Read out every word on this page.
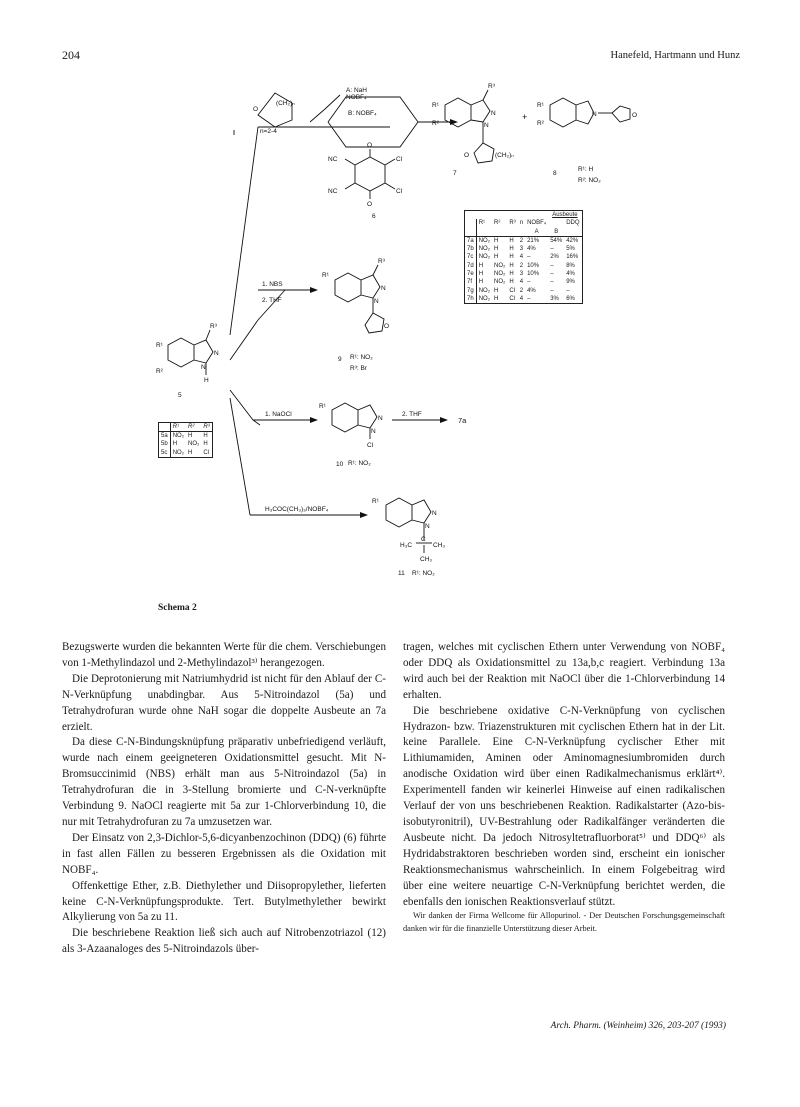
204	Hanefeld, Hartmann und Hunz
(CH₂)ₙ
O
n=2-4
A: NaH
NOBF₄
B: NOBF₄
O
O
NC
NC
Cl
Cl
6
R¹
R²
R³
N
N
(CH₂)ₙ
O
7
+
R¹
R²
N	O
8
R¹: H
R²: NO₂
1. NBS
2. THF
R¹
R³
N
N
O
9 R¹: NO₂
R³: Br
R¹
R²
R³
N
N
H
5
1. NaOCl
R¹
N
N
Cl
10 R¹: NO₂
2. THF
7a
H₃COC(CH₃)₃/NOBF₄
R¹
N
N
H₃C
C
CH₃
CH₃
11 R¹: NO₂
						Ausbeute	
	R¹	R²	R³	n	NOBF₄		DDQ
					A	B	
7a	NO₂	H	H	2	21%	54%	42%
7b	NO₂	H	H	3	4%	–	5%
7c	NO₂	H	H	4	–	2%	16%
7d	H	NO₂	H	2	10%	–	8%
7e	H	NO₂	H	3	10%	–	4%
7f	H	NO₂	H	4	–	–	9%
7g	NO₂	H	Cl	2	4%	–	–
7h	NO₂	H	Cl	4	–	3%	6%
	R¹	R²	R³
5a	NO₂	H	H
5b	H	NO₂	H
5c	NO₂	H	Cl
Schema 2

Bezugswerte wurden die bekannten Werte für die chem. Verschiebungen von 1-Methylindazol und 2-Methylindazol³⁾ herangezogen.

Die Deprotonierung mit Natriumhydrid ist nicht für den Ablauf der C-N-Verknüpfung unabdingbar. Aus 5-Nitroindazol (5a) und Tetrahydrofuran wurde ohne NaH sogar die doppelte Ausbeute an 7a erzielt.

Da diese C-N-Bindungsknüpfung präparativ unbefriedigend verläuft, wurde nach einem geeigneteren Oxidationsmittel gesucht. Mit N-Bromsuccinimid (NBS) erhält man aus 5-Nitroindazol (5a) in Tetrahydrofuran die in 3-Stellung bromierte und C-N-verknüpfte Verbindung 9. NaOCl reagierte mit 5a zur 1-Chlorverbindung 10, die nur mit Tetrahydrofuran zu 7a umzusetzen war.

Der Einsatz von 2,3-Dichlor-5,6-dicyanbenzochinon (DDQ) (6) führte in fast allen Fällen zu besseren Ergebnissen als die Oxidation mit NOBF₄.

Offenkettige Ether, z.B. Diethylether und Diisopropylether, lieferten keine C-N-Verknüpfungsprodukte. Tert. Butylmethylether bewirkt Alkylierung von 5a zu 11.

Die beschriebene Reaktion ließ sich auch auf Nitrobenzotriazol (12) als 3-Azaanaloges des 5-Nitroindazols über-

tragen, welches mit cyclischen Ethern unter Verwendung von NOBF₄ oder DDQ als Oxidationsmittel zu 13a,b,c reagiert. Verbindung 13a wird auch bei der Reaktion mit NaOCl über die 1-Chlorverbindung 14 erhalten.

Die beschriebene oxidative C-N-Verknüpfung von cyclischen Hydrazon- bzw. Triazenstrukturen mit cyclischen Ethern hat in der Lit. keine Parallele. Eine C-N-Verknüpfung cyclischer Ether mit Lithiumamiden, Aminen oder Aminomagnesiumbromiden durch anodische Oxidation wird über einen Radikalmechanismus erklärt⁴⁾. Experimentell fanden wir keinerlei Hinweise auf einen radikalischen Verlauf der von uns beschriebenen Reaktion. Radikalstarter (Azo-bis-isobutyronitril), UV-Bestrahlung oder Radikalfänger veränderten die Ausbeute nicht. Da jedoch Nitrosyltetrafluorborat⁵⁾ und DDQ⁶⁾ als Hydridabstraktoren beschrieben worden sind, erscheint ein ionischer Reaktionsmechanismus wahrscheinlich. In einem Folgebeitrag wird über eine weitere neuartige C-N-Verknüpfung berichtet werden, die ebenfalls den ionischen Reaktionsverlauf stützt.

Wir danken der Firma Wellcome für Allopurinol. - Der Deutschen Forschungsgemeinschaft danken wir für die finanzielle Unterstützung dieser Arbeit.

Arch. Pharm. (Weinheim) 326, 203-207 (1993)
